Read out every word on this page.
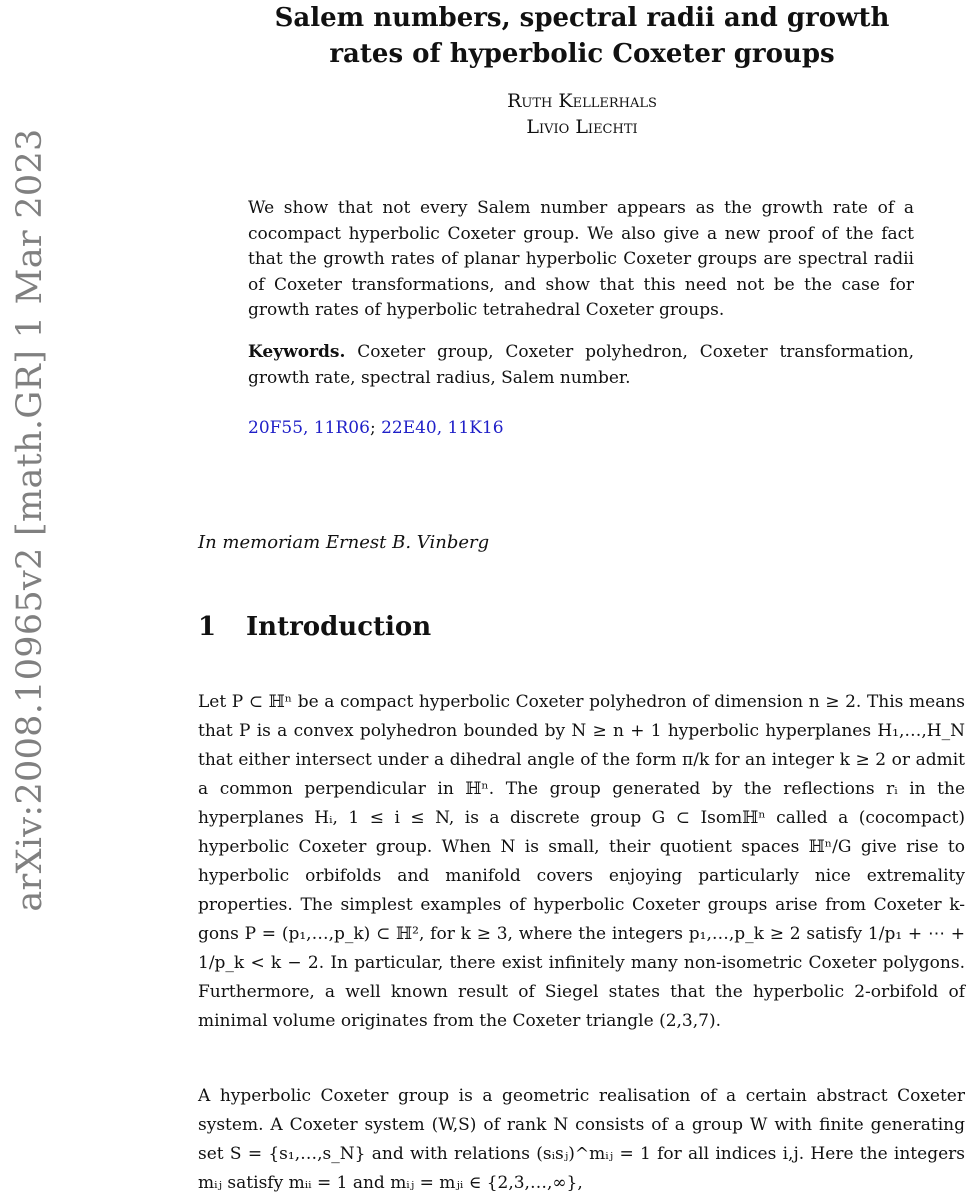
arXiv:2008.10965v2 [math.GR] 1 Mar 2023
Salem numbers, spectral radii and growth
rates of hyperbolic Coxeter groups
Ruth Kellerhals
Livio Liechti

We show that not every Salem number appears as the growth rate of a cocompact hyperbolic Coxeter group. We also give a new proof of the fact that the growth rates of planar hyperbolic Coxeter groups are spectral radii of Coxeter transformations, and show that this need not be the case for growth rates of hyperbolic tetrahedral Coxeter groups.

Keywords. Coxeter group, Coxeter polyhedron, Coxeter transformation, growth rate, spectral radius, Salem number.

20F55, 11R06; 22E40, 11K16
In memoriam Ernest B. Vinberg
1 Introduction

Let P ⊂ ℍⁿ be a compact hyperbolic Coxeter polyhedron of dimension n ≥ 2. This means that P is a convex polyhedron bounded by N ≥ n + 1 hyperbolic hyperplanes H₁,…,H_N that either intersect under a dihedral angle of the form π/k for an integer k ≥ 2 or admit a common perpendicular in ℍⁿ. The group generated by the reflections rᵢ in the hyperplanes Hᵢ, 1 ≤ i ≤ N, is a discrete group G ⊂ Isomℍⁿ called a (cocompact) hyperbolic Coxeter group. When N is small, their quotient spaces ℍⁿ/G give rise to hyperbolic orbifolds and manifold covers enjoying particularly nice extremality properties. The simplest examples of hyperbolic Coxeter groups arise from Coxeter k-gons P = (p₁,…,p_k) ⊂ ℍ², for k ≥ 3, where the integers p₁,…,p_k ≥ 2 satisfy 1/p₁ + ⋯ + 1/p_k < k − 2. In particular, there exist infinitely many non-isometric Coxeter polygons. Furthermore, a well known result of Siegel states that the hyperbolic 2-orbifold of minimal volume originates from the Coxeter triangle (2,3,7).

A hyperbolic Coxeter group is a geometric realisation of a certain abstract Coxeter system. A Coxeter system (W,S) of rank N consists of a group W with finite generating set S = {s₁,…,s_N} and with relations (sᵢsⱼ)^mᵢⱼ = 1 for all indices i,j. Here the integers mᵢⱼ satisfy mᵢᵢ = 1 and mᵢⱼ = mⱼᵢ ∈ {2,3,…,∞},
